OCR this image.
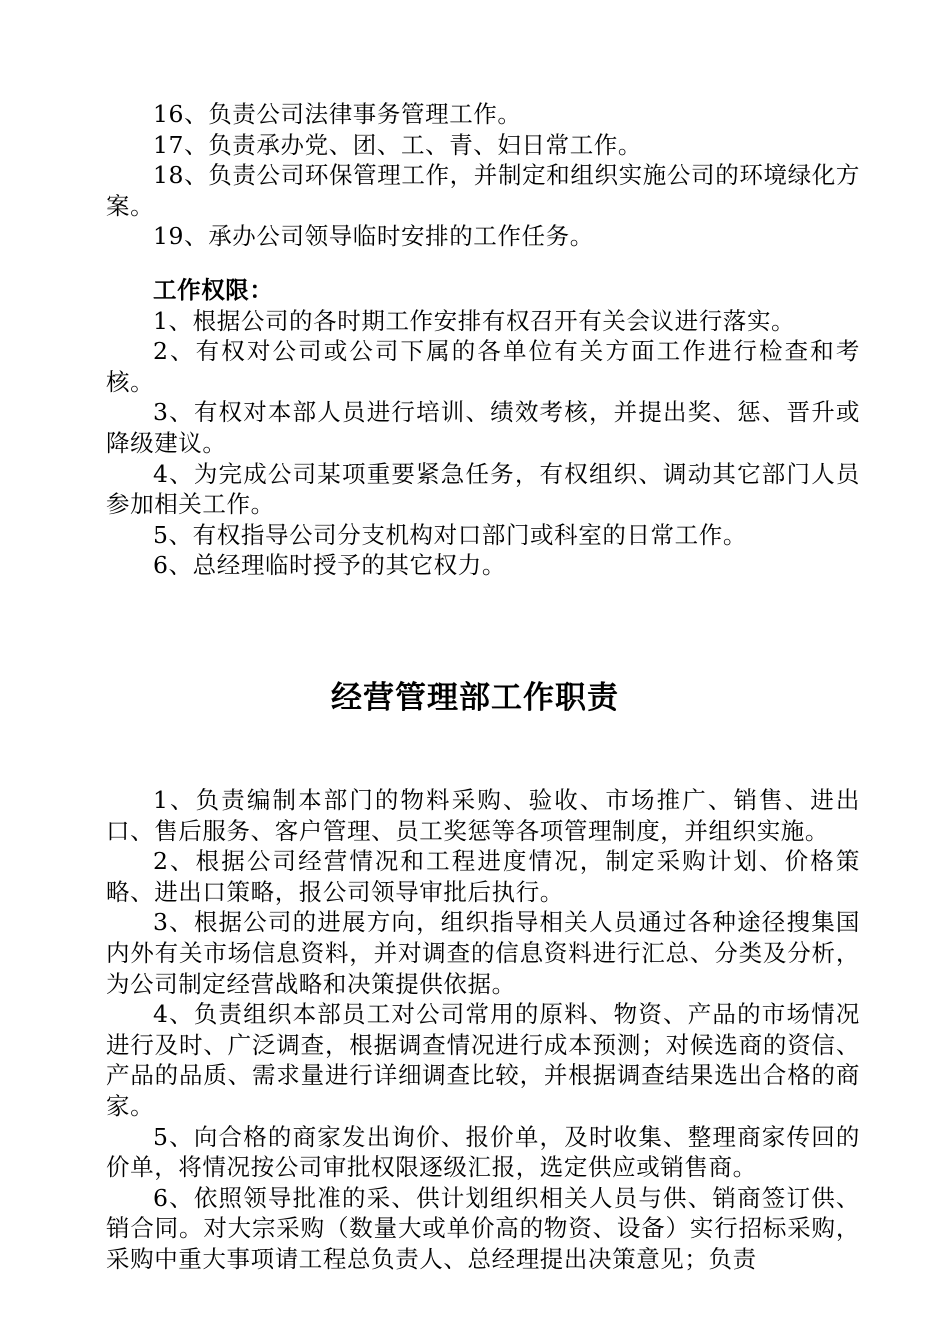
16、负责公司法律事务管理工作。

17、负责承办党、团、工、青、妇日常工作。

18、负责公司环保管理工作，并制定和组织实施公司的环境绿化方案。

19、承办公司领导临时安排的工作任务。

工作权限：

1、根据公司的各时期工作安排有权召开有关会议进行落实。

2、有权对公司或公司下属的各单位有关方面工作进行检查和考核。

3、有权对本部人员进行培训、绩效考核，并提出奖、惩、晋升或降级建议。

4、为完成公司某项重要紧急任务，有权组织、调动其它部门人员参加相关工作。

5、有权指导公司分支机构对口部门或科室的日常工作。

6、总经理临时授予的其它权力。

经营管理部工作职责

1、负责编制本部门的物料采购、验收、市场推广、销售、进出口、售后服务、客户管理、员工奖惩等各项管理制度，并组织实施。

2、根据公司经营情况和工程进度情况，制定采购计划、价格策略、进出口策略，报公司领导审批后执行。

3、根据公司的进展方向，组织指导相关人员通过各种途径搜集国内外有关市场信息资料，并对调查的信息资料进行汇总、分类及分析，为公司制定经营战略和决策提供依据。

4、负责组织本部员工对公司常用的原料、物资、产品的市场情况进行及时、广泛调查，根据调查情况进行成本预测；对候选商的资信、产品的品质、需求量进行详细调查比较，并根据调查结果选出合格的商家。

5、向合格的商家发出询价、报价单，及时收集、整理商家传回的价单，将情况按公司审批权限逐级汇报，选定供应或销售商。

6、依照领导批准的采、供计划组织相关人员与供、销商签订供、销合同。对大宗采购（数量大或单价高的物资、设备）实行招标采购，采购中重大事项请工程总负责人、总经理提出决策意见；负责
